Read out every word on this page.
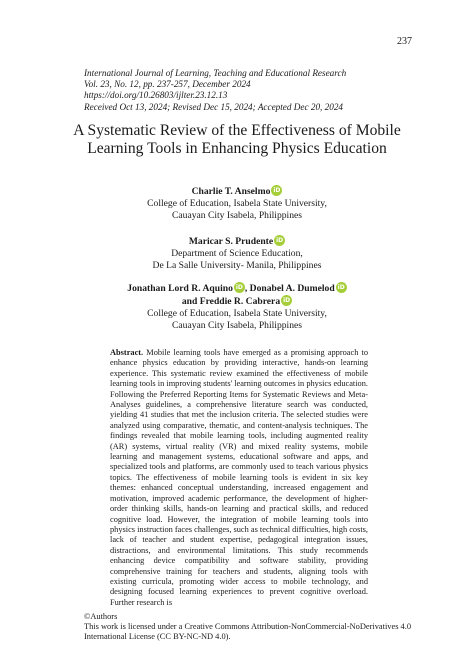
237
International Journal of Learning, Teaching and Educational Research
Vol. 23, No. 12, pp. 237-257, December 2024
https://doi.org/10.26803/ijlter.23.12.13
Received Oct 13, 2024; Revised Dec 15, 2024; Accepted Dec 20, 2024
A Systematic Review of the Effectiveness of Mobile Learning Tools in Enhancing Physics Education
Charlie T. Anselmo iD
College of Education, Isabela State University,
Cauayan City Isabela, Philippines
Maricar S. Prudente iD
Department of Science Education,
De La Salle University- Manila, Philippines
Jonathan Lord R. Aquino iD , Donabel A. Dumelod iD
and Freddie R. Cabrera iD
College of Education, Isabela State University,
Cauayan City Isabela, Philippines
Abstract. Mobile learning tools have emerged as a promising approach to enhance physics education by providing interactive, hands-on learning experience. This systematic review examined the effectiveness of mobile learning tools in improving students' learning outcomes in physics education. Following the Preferred Reporting Items for Systematic Reviews and Meta-Analyses guidelines, a comprehensive literature search was conducted, yielding 41 studies that met the inclusion criteria. The selected studies were analyzed using comparative, thematic, and content-analysis techniques. The findings revealed that mobile learning tools, including augmented reality (AR) systems, virtual reality (VR) and mixed reality systems, mobile learning and management systems, educational software and apps, and specialized tools and platforms, are commonly used to teach various physics topics. The effectiveness of mobile learning tools is evident in six key themes: enhanced conceptual understanding, increased engagement and motivation, improved academic performance, the development of higher-order thinking skills, hands-on learning and practical skills, and reduced cognitive load. However, the integration of mobile learning tools into physics instruction faces challenges, such as technical difficulties, high costs, lack of teacher and student expertise, pedagogical integration issues, distractions, and environmental limitations. This study recommends enhancing device compatibility and software stability, providing comprehensive training for teachers and students, aligning tools with existing curricula, promoting wider access to mobile technology, and designing focused learning experiences to prevent cognitive overload. Further research is
©Authors
This work is licensed under a Creative Commons Attribution-NonCommercial-NoDerivatives 4.0
International License (CC BY-NC-ND 4.0).
